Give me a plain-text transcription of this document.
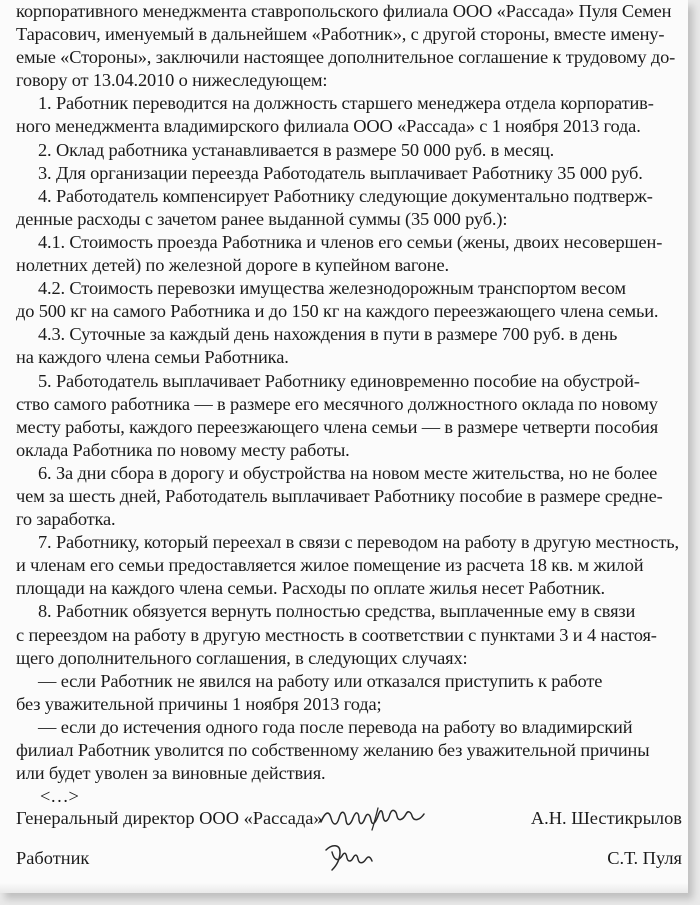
корпоративного менеджмента ставропольского филиала ООО «Рассада» Пуля Семен
Тарасович, именуемый в дальнейшем «Работник», с другой стороны, вместе имену-
емые «Стороны», заключили настоящее дополнительное соглашение к трудовому до-
говору от 13.04.2010 о нижеследующем:
1. Работник переводится на должность старшего менеджера отдела корпоратив-
ного менеджмента владимирского филиала ООО «Рассада» с 1 ноября 2013 года.
2. Оклад работника устанавливается в размере 50 000 руб. в месяц.
3. Для организации переезда Работодатель выплачивает Работнику 35 000 руб.
4. Работодатель компенсирует Работнику следующие документально подтверж-
денные расходы с зачетом ранее выданной суммы (35 000 руб.):
4.1. Стоимость проезда Работника и членов его семьи (жены, двоих несовершен-
нолетних детей) по железной дороге в купейном вагоне.
4.2. Стоимость перевозки имущества железнодорожным транспортом весом
до 500 кг на самого Работника и до 150 кг на каждого переезжающего члена семьи.
4.3. Суточные за каждый день нахождения в пути в размере 700 руб. в день
на каждого члена семьи Работника.
5. Работодатель выплачивает Работнику единовременно пособие на обустрой-
ство самого работника — в размере его месячного должностного оклада по новому
месту работы, каждого переезжающего члена семьи — в размере четверти пособия
оклада Работника по новому месту работы.
6. За дни сбора в дорогу и обустройства на новом месте жительства, но не более
чем за шесть дней, Работодатель выплачивает Работнику пособие в размере средне-
го заработка.
7. Работнику, который переехал в связи с переводом на работу в другую местность,
и членам его семьи предоставляется жилое помещение из расчета 18 кв. м жилой
площади на каждого члена семьи. Расходы по оплате жилья несет Работник.
8. Работник обязуется вернуть полностью средства, выплаченные ему в связи
с переездом на работу в другую местность в соответствии с пунктами 3 и 4 настоя-
щего дополнительного соглашения, в следующих случаях:
— если Работник не явился на работу или отказался приступить к работе
без уважительной причины 1 ноября 2013 года;
— если до истечения одного года после перевода на работу во владимирский
филиал Работник уволится по собственному желанию без уважительной причины
или будет уволен за виновные действия.
<…>
Генеральный директор ООО «Рассада»	А.Н. Шестикрылов
Работник	С.Т. Пуля
